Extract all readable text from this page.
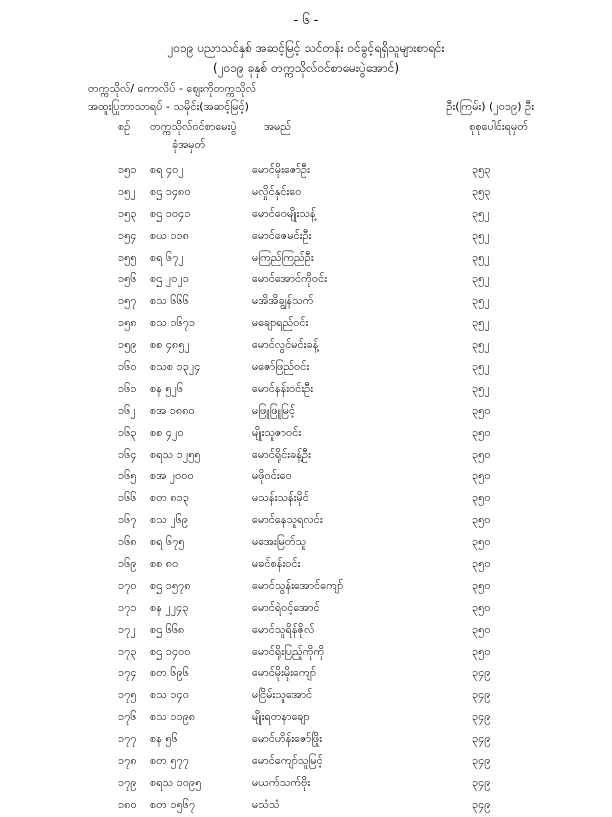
- ၆ -
၂၀၁၉ ပညာသင်နှစ် အဆင့်မြင့် သင်တန်း ဝင်ခွင့်ရရှိသူများစာရင်း
(၂၀၁၉ ခုနှစ် တက္ကသိုလ်ဝင်စာမေးပွဲအောင်)
တက္ကသိုလ်/ ကောလိပ် - ဈေးကိုတက္ကသိုလ်
အထူးပြုဘာသာရပ် - သမိုင်း(အဆင့်မြင့်)	ဦး(ကြမ်း) (၂၀၁၉) ဦး
စဉ် တက္ကသိုလ်ဝင်စာမေးပွဲ
ခုံအမှတ်
အမည်	စုစုပေါင်းရမှတ်
၁၅၁ စရ ၄၀၂	မောင်မိုးဇော်ဦး	၃၅၃
၁၅၂ စဌ ၁၄၈၀	မလှိုင်နှင်းဝေ	၃၅၃
၁၅၃ စဌ ၁၀၄၁	မောင်ဝေမျိုးသန့်	၃၅၂
၁၅၄ စယ ၁၁၈	မောင်ဇေမင်းဦး	၃၅၂
၁၅၅ စရ ၆၇၂	မကြည်ကြည်ဦး	၃၅၂
၁၅၆ စဌ ၂၀၂၁	မောင်အောင်ကိုဝင်း	၃၅၂
၁၅၇ စသ ၆၆၆	မအိအိချွန်သက်	၃၅၂
၁၅၈ စသ ၁၆၇၁	မချောရည်ဝင်း	၃၅၂
၁၅၉ စစ ၄၈၅၂	မောင်လွင်မင်းခန့်	၃၅၂
၁၆၀ စသစ ၁၃၂၄	မဇော်ဖြည်ဝင်း	၃၅၂
၁၆၁ စန ၅၂၆	မောင်နန်းဝင်းဦး	၃၅၂
၁၆၂ စအ ၁၈၈၀	မဖြူဖြူမြင့်	၃၅၀
၁၆၃ စစ ၄၂၀	မျိုးသူဇာဝင်း	၃၅၀
၁၆၄ စရသ ၁၂၅၅	မောင်ရိုင်းခန့်ဦး	၃၅၀
၁၆၅ စအ ၂၀၀၀	မဖိုဝင်းဝေ	၃၅၀
၁၆၆ စတ ၈၁၃	မသန်းသန်းမိုင်	၃၅၀
၁၆၇ စသ ၂၆၉	မောင်နေသူရလင်း	၃၅၀
၁၆၈ စရ ၆၇၅	မအေးမြတ်သူ	၃၅၀
၁၆၉ စစ ၈၀	မခင်စန်းဝင်း	၃၅၀
၁၇၀ စဌ ၁၅၇၈	မောင်သွန်းအောင်ကျော်	၃၅၀
၁၇၁ စန ၂၂၄၃	မောင်ရဲဝင့်အောင်	၃၅၀
၁၇၂ စဌ ၆၆၈	မောင်သူရိန်ဇိုလ်	၃၅၀
၁၇၃ စဌ ၁၄၀၀	မောင်ရိုးပြည့်ကိုကို	၃၅၀
၁၇၄ စတ ၆၉၆	မောင်မိုးမိုးကျော်	၃၄၉
၁၇၅ စသ ၁၄၀	မငြိမ်းသူအောင်	၃၄၉
၁၇၆ စသ ၁၁၉၈	မျိုးရတနာချော	၃၄၉
၁၇၇ စန ၅၆	မောင်ဟိန်းဇော်ဖြိုး	၃၄၉
၁၇၈ စတ ၅၇၇	မောင်ကျော်သူမြင့်	၃၄၉
၁၇၉ စရသ ၁၀၉၅	မယက်သက်ဗိုး	၃၄၉
၁၈၀ စတ ၁၅၆၇	မသံသံ	၃၄၉
